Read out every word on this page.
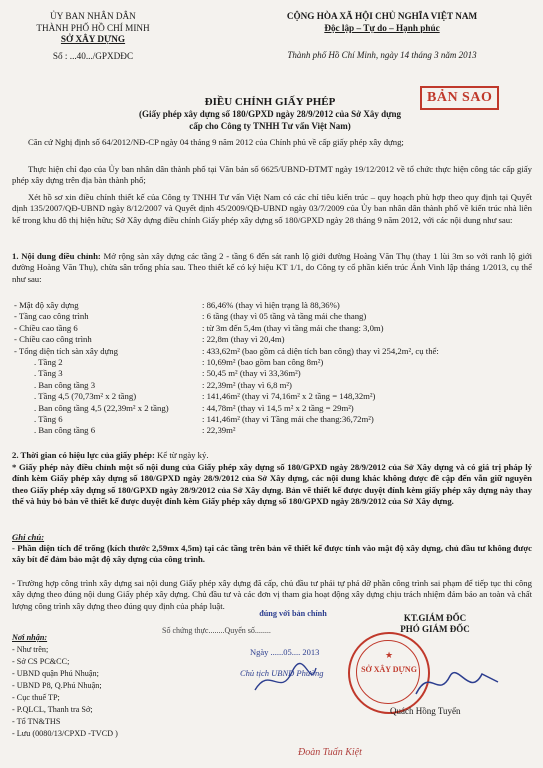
ỦY BAN NHÂN DÂN
THÀNH PHỐ HỒ CHÍ MINH
SỞ XÂY DỰNG
Số : ...40.../GPXDĐC
CỘNG HÒA XÃ HỘI CHỦ NGHĨA VIỆT NAM
Độc lập – Tự do – Hạnh phúc
Thành phố Hồ Chí Minh, ngày 14 tháng 3 năm 2013
BẢN SAO
ĐIỀU CHỈNH GIẤY PHÉP
(Giấy phép xây dựng số 180/GPXD ngày 28/9/2012 của Sở Xây dựng
cấp cho Công ty TNHH Tư vấn Việt Nam)
Căn cứ Nghị định số 64/2012/NĐ-CP ngày 04 tháng 9 năm 2012 của Chính phủ về cấp giấy phép xây dựng;
Thực hiện chỉ đạo của Ủy ban nhân dân thành phố tại Văn bản số 6625/UBND-ĐTMT ngày 19/12/2012 về tổ chức thực hiện công tác cấp giấy phép xây dựng trên địa bàn thành phố;
Xét hồ sơ xin điều chỉnh thiết kế của Công ty TNHH Tư vấn Việt Nam có các chỉ tiêu kiến trúc – quy hoạch phù hợp theo quy định tại Quyết định 135/2007/QĐ-UBND ngày 8/12/2007 và Quyết định 45/2009/QĐ-UBND ngày 03/7/2009 của Ủy ban nhân dân thành phố về kiến trúc nhà liên kế trong khu đô thị hiện hữu; Sở Xây dựng điều chỉnh Giấy phép xây dựng số 180/GPXD ngày 28 tháng 9 năm 2012, với các nội dung như sau:
1. Nội dung điều chỉnh: Mở rộng sàn xây dựng các tầng 2 - tầng 6 đến sát ranh lộ giới đường Hoàng Văn Thụ (thay 1 lùi 3m so với ranh lộ giới đường Hoàng Văn Thụ), chừa sân trống phía sau. Theo thiết kế có ký hiệu KT 1/1, do Công ty cổ phần kiến trúc Ánh Vinh lập tháng 1/2013, cụ thể như sau:
- Mật độ xây dựng	: 86,46% (thay vì hiện trạng là 88,36%)
- Tầng cao công trình	: 6 tầng (thay vì 05 tầng và tầng mái che thang)
- Chiều cao tầng 6	: từ 3m đến 5,4m (thay vì tầng mái che thang: 3,0m)
- Chiều cao công trình	: 22,8m (thay vì 20,4m)
- Tổng diện tích sàn xây dựng	: 433,62m² (bao gồm cả diện tích ban công) thay vì 254,2m², cụ thể:
. Tầng 2	: 10,69m² (bao gồm ban công 8m²)
. Tầng 3	: 50,45 m² (thay vì 33,36m²)
. Ban công tầng 3	: 22,39m² (thay vì 6,8 m²)
. Tầng 4,5 (70,73m² x 2 tầng)	: 141,46m² (thay vì 74,16m² x 2 tầng = 148,32m²)
. Ban công tầng 4,5 (22,39m² x 2 tầng)	: 44,78m² (thay vì 14,5 m² x 2 tầng = 29m²)
. Tầng 6	: 141,46m² (thay vì Tầng mái che thang:36,72m²)
. Ban công tầng 6	: 22,39m²
2. Thời gian có hiệu lực của giấy phép: Kể từ ngày ký.
* Giấy phép này điều chỉnh một số nội dung của Giấy phép xây dựng số 180/GPXD ngày 28/9/2012 của Sở Xây dựng và có giá trị pháp lý đính kèm Giấy phép xây dựng số 180/GPXD ngày 28/9/2012 của Sở Xây dựng, các nội dung khác không được đề cập đến vẫn giữ nguyên theo Giấy phép xây dựng số 180/GPXD ngày 28/9/2012 của Sở Xây dựng. Bản vẽ thiết kế được duyệt đính kèm giấy phép xây dựng này thay thế và hủy bỏ bản vẽ thiết kế được duyệt đính kèm Giấy phép xây dựng số 180/GPXD ngày 28/9/2012 của Sở Xây dựng.
Ghi chú:
- Phần diện tích để trống (kích thước 2,59mx 4,5m) tại các tầng trên bản vẽ thiết kế được tính vào mật độ xây dựng, chủ đầu tư không được xây bít để đảm bảo mật độ xây dựng của công trình.
- Trường hợp công trình xây dựng sai nội dung Giấy phép xây dựng đã cấp, chủ đầu tư phải tự phá dỡ phần công trình sai phạm để tiếp tục thi công xây dựng theo đúng nội dung Giấy phép xây dựng. Chủ đầu tư và các đơn vị tham gia hoạt động xây dựng chịu trách nhiệm đảm bảo an toàn và chất lượng công trình xây dựng theo đúng quy định của pháp luật.
Nơi nhận:
- Như trên;
- Sở CS PC&CC;
- UBND quận Phú Nhuận;
- UBND P8, Q.Phú Nhuận;
- Cục thuế TP;
- P.QLCL, Thanh tra Sở;
- Tổ TN&THS
- Lưu (0080/13/CPXD -TVCD )
đúng với bản chính
Số chứng thực........Quyển số........
Ngày ......05.... 2013
Chủ tịch UBND Phường
Đoàn Tuấn Kiệt
KT.GIÁM ĐỐC
PHÓ GIÁM ĐỐC
SỞ XÂY DỰNG
★
Quách Hồng Tuyến
